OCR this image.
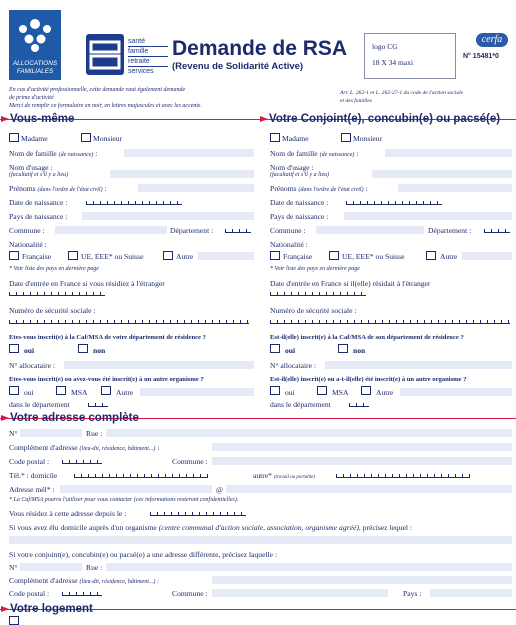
ALLOCATIONS
FAMILIALES
santé
famille
retraite
services
Demande de RSA
(Revenu de Solidarité Active)
logo CG
18 X 34 maxi
cerfa
N° 15481*0
En cas d'activité professionnelle, cette demande vaut également demande
de prime d'activité
Merci de remplir ce formulaire en noir, en lettres majuscules et avec les accents.
Art. L. 262-1 et L. 262-27-1 du code de l'action sociale
et des familles
Vous-même	Votre Conjoint(e), concubin(e) ou pacsé(e)
Madame	Monsieur
Nom de famille (de naissance) :
Nom d'usage :
(facultatif et s'il y a lieu)
Prénoms (dans l'ordre de l'état civil) :
Date de naissance :
Pays de naissance :
Commune :	Département :
Nationalité :
Française	UE, EEE* ou Suisse	Autre
* Voir liste des pays en dernière page
Date d'entrée en France si vous résidiez à l'étranger
Numéro de sécurité sociale :
Etes-vous inscrit(e) à la Caf/MSA de votre département de résidence ?
oui	non
N° allocataire :
Etes-vous inscrit(e) ou avez-vous été inscrit(e) à un autre organisme ?
oui	MSA	Autre
dans le département
Madame	Monsieur
Nom de famille (de naissance) :
Nom d'usage :
(facultatif et s'il y a lieu)
Prénoms (dans l'ordre de l'état civil) :
Date de naissance :
Pays de naissance :
Commune :	Département :
Nationalité :
Française	UE, EEE* ou Suisse	Autre
* Voir liste des pays en dernière page
Date d'entrée en France si il(elle) résidait à l'étranger
Numéro de sécurité sociale :
Est-il(elle) inscrit(e) à la Caf/MSA de son département de résidence ?
oui	non
N° allocataire :
Est-il(elle) inscrit(e) ou a-t-il(elle) été inscrit(e) à un autre organisme ?
oui	MSA	Autre
dans le département
Votre adresse complète
N°	Rue :
Complément d'adresse (lieu-dit, résidence, bâtiment...) :
Code postal :	Commune :
Tél.* : domicile	autre* (travail ou portable)
Adresse mél* :	@
* La Caf/MSA pourra l'utiliser pour vous contacter (ces informations resteront confidentielles).
Vous résidez à cette adresse depuis le :
Si vous avez élu domicile auprès d'un organisme (centre communal d'action sociale, association, organisme agréé), précisez lequel :
Si votre conjoint(e), concubin(e) ou pacsé(e) a une adresse différente, précisez laquelle :
N°	Rue :
Complément d'adresse (lieu-dit, résidence, bâtiment...) :
Code postal :	Commune :	Pays :
Votre logement
